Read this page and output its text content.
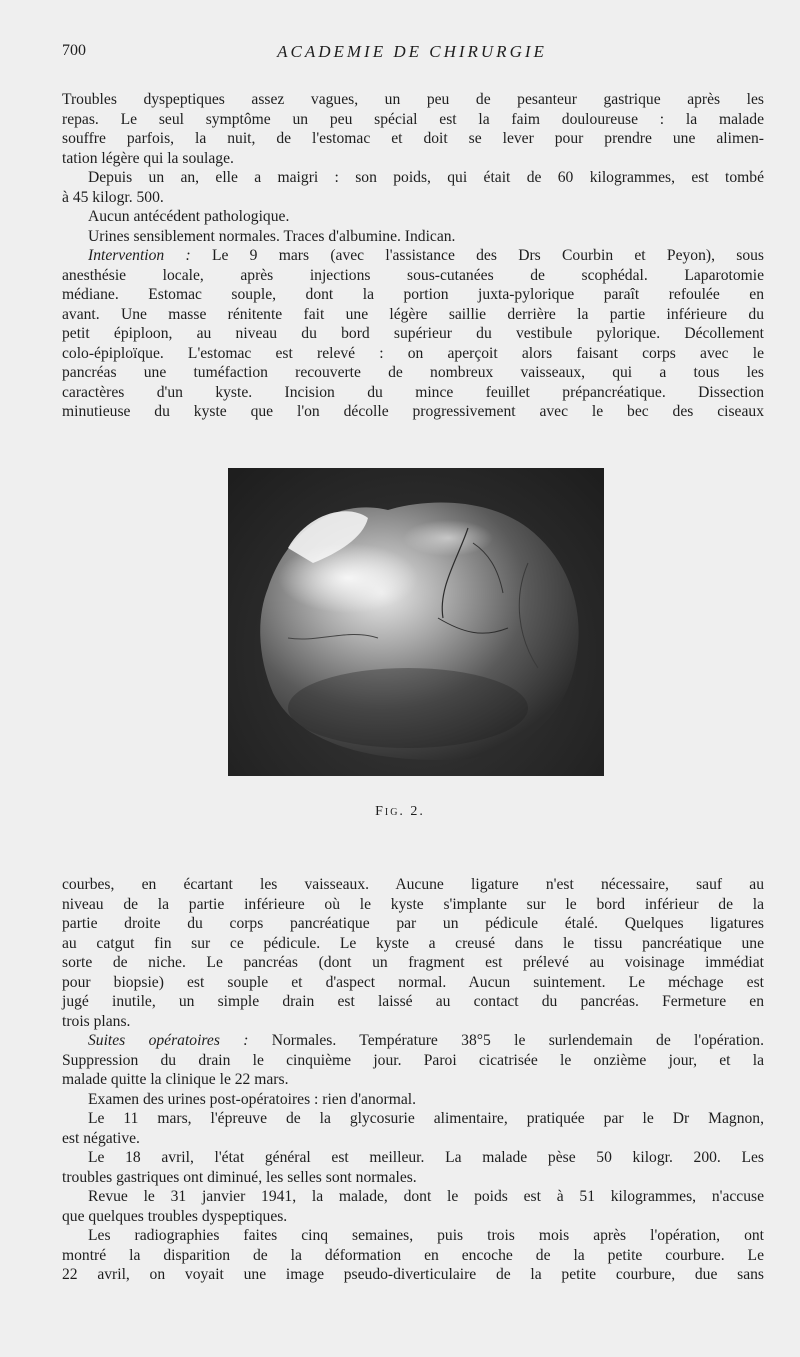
700	ACADEMIE DE CHIRURGIE
Troubles dyspeptiques assez vagues, un peu de pesanteur gastrique après les
repas. Le seul symptôme un peu spécial est la faim douloureuse : la malade
souffre parfois, la nuit, de l'estomac et doit se lever pour prendre une alimen-
tation légère qui la soulage.
Depuis un an, elle a maigri : son poids, qui était de 60 kilogrammes, est tombé
à 45 kilogr. 500.
Aucun antécédent pathologique.
Urines sensiblement normales. Traces d'albumine. Indican.
Intervention : Le 9 mars (avec l'assistance des Drs Courbin et Peyon), sous
anesthésie locale, après injections sous-cutanées de scophédal. Laparotomie
médiane. Estomac souple, dont la portion juxta-pylorique paraît refoulée en
avant. Une masse rénitente fait une légère saillie derrière la partie inférieure du
petit épiploon, au niveau du bord supérieur du vestibule pylorique. Décollement
colo-épiploïque. L'estomac est relevé : on aperçoit alors faisant corps avec le
pancréas une tuméfaction recouverte de nombreux vaisseaux, qui a tous les
caractères d'un kyste. Incision du mince feuillet prépancréatique. Dissection
minutieuse du kyste que l'on décolle progressivement avec le bec des ciseaux
Fig. 2.
courbes, en écartant les vaisseaux. Aucune ligature n'est nécessaire, sauf au
niveau de la partie inférieure où le kyste s'implante sur le bord inférieur de la
partie droite du corps pancréatique par un pédicule étalé. Quelques ligatures
au catgut fin sur ce pédicule. Le kyste a creusé dans le tissu pancréatique une
sorte de niche. Le pancréas (dont un fragment est prélevé au voisinage immédiat
pour biopsie) est souple et d'aspect normal. Aucun suintement. Le méchage est
jugé inutile, un simple drain est laissé au contact du pancréas. Fermeture en
trois plans.
Suites opératoires : Normales. Température 38°5 le surlendemain de l'opération.
Suppression du drain le cinquième jour. Paroi cicatrisée le onzième jour, et la
malade quitte la clinique le 22 mars.
Examen des urines post-opératoires : rien d'anormal.
Le 11 mars, l'épreuve de la glycosurie alimentaire, pratiquée par le Dr Magnon,
est négative.
Le 18 avril, l'état général est meilleur. La malade pèse 50 kilogr. 200. Les
troubles gastriques ont diminué, les selles sont normales.
Revue le 31 janvier 1941, la malade, dont le poids est à 51 kilogrammes, n'accuse
que quelques troubles dyspeptiques.
Les radiographies faites cinq semaines, puis trois mois après l'opération, ont
montré la disparition de la déformation en encoche de la petite courbure. Le
22 avril, on voyait une image pseudo-diverticulaire de la petite courbure, due sans
